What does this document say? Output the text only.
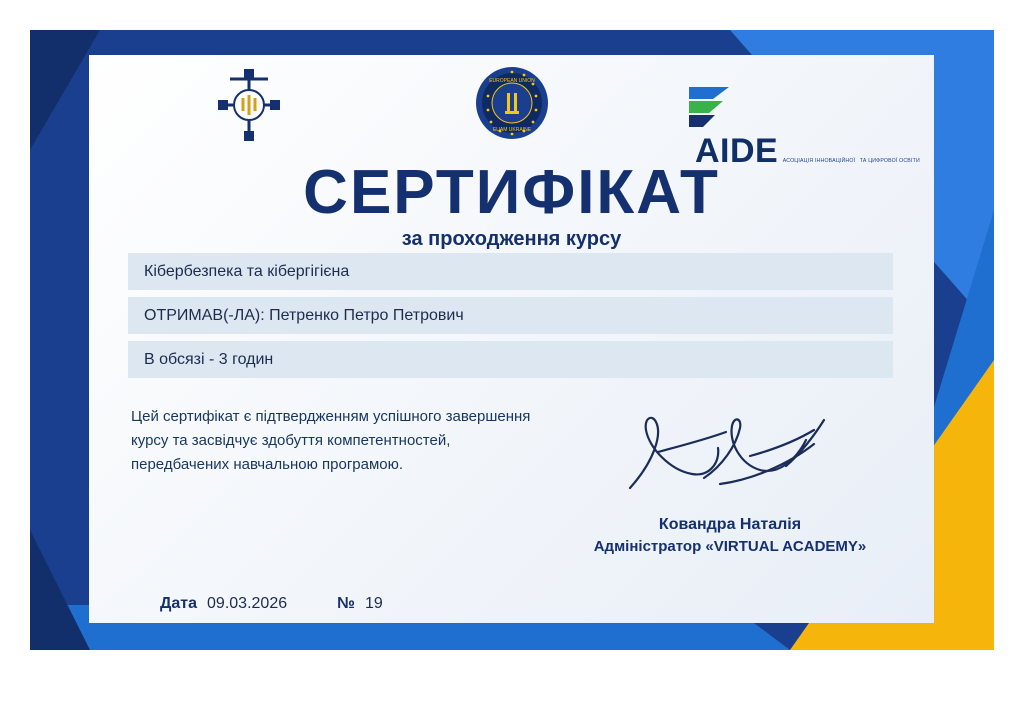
EUROPEAN UNION
EUAM UKRAINE
AIDE АСОЦІАЦІЯ ІННОВАЦІЙНОЇ ТА ЦИФРОВОЇ ОСВІТИ
СЕРТИФІКАТ
за проходження курсу
Кібербезпека та кібергігієна
ОТРИМАВ(-ЛА): Петренко Петро Петрович
В обсязі - 3 годин
Цей сертифікат є підтвердженням успішного завершення курсу та засвідчує здобуття компетентностей, передбачених навчальною програмою.
Ковандра Наталія
Адміністратор «VIRTUAL ACADEMY»
Дата 09.03.2026	№ 19
